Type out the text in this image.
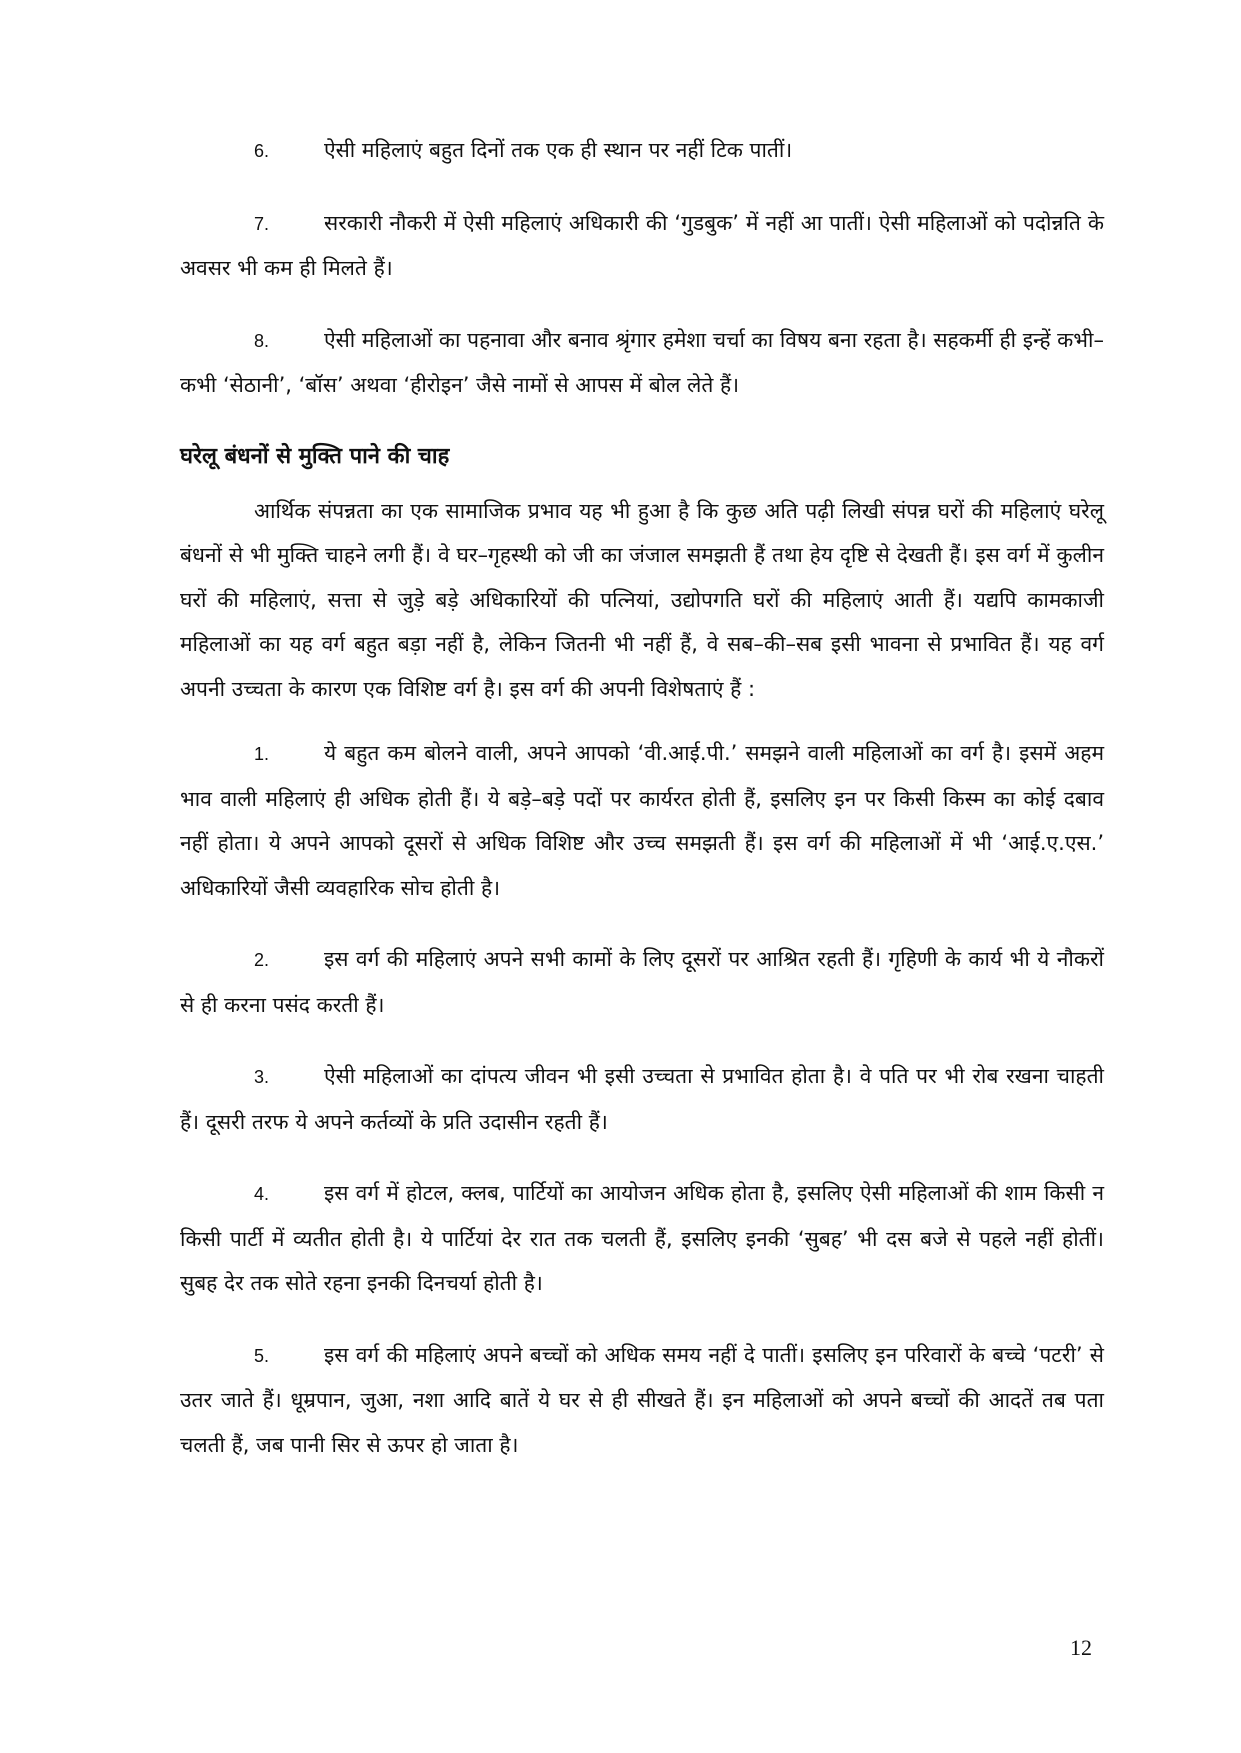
6.	ऐसी महिलाएं बहुत दिनों तक एक ही स्थान पर नहीं टिक पातीं।

7.	सरकारी नौकरी में ऐसी महिलाएं अधिकारी की ‘गुडबुक’ में नहीं आ पातीं। ऐसी महिलाओं को पदोन्नति के अवसर भी कम ही मिलते हैं।

8.	ऐसी महिलाओं का पहनावा और बनाव श्रृंगार हमेशा चर्चा का विषय बना रहता है। सहकर्मी ही इन्हें कभी–कभी ‘सेठानी’, ‘बॉस’ अथवा ‘हीरोइन’ जैसे नामों से आपस में बोल लेते हैं।

घरेलू बंधनों से मुक्ति पाने की चाह

आर्थिक संपन्नता का एक सामाजिक प्रभाव यह भी हुआ है कि कुछ अति पढ़ी लिखी संपन्न घरों की महिलाएं घरेलू बंधनों से भी मुक्ति चाहने लगी हैं। वे घर–गृहस्थी को जी का जंजाल समझती हैं तथा हेय दृष्टि से देखती हैं। इस वर्ग में कुलीन घरों की महिलाएं, सत्ता से जुड़े बड़े अधिकारियों की पत्नियां, उद्योपगति घरों की महिलाएं आती हैं। यद्यपि कामकाजी महिलाओं का यह वर्ग बहुत बड़ा नहीं है, लेकिन जितनी भी नहीं हैं, वे सब–की–सब इसी भावना से प्रभावित हैं। यह वर्ग अपनी उच्चता के कारण एक विशिष्ट वर्ग है। इस वर्ग की अपनी विशेषताएं हैं :

1.	ये बहुत कम बोलने वाली, अपने आपको ‘वी.आई.पी.’ समझने वाली महिलाओं का वर्ग है। इसमें अहम भाव वाली महिलाएं ही अधिक होती हैं। ये बड़े–बड़े पदों पर कार्यरत होती हैं, इसलिए इन पर किसी किस्म का कोई दबाव नहीं होता। ये अपने आपको दूसरों से अधिक विशिष्ट और उच्च समझती हैं। इस वर्ग की महिलाओं में भी ‘आई.ए.एस.’ अधिकारियों जैसी व्यवहारिक सोच होती है।

2.	इस वर्ग की महिलाएं अपने सभी कामों के लिए दूसरों पर आश्रित रहती हैं। गृहिणी के कार्य भी ये नौकरों से ही करना पसंद करती हैं।

3.	ऐसी महिलाओं का दांपत्य जीवन भी इसी उच्चता से प्रभावित होता है। वे पति पर भी रोब रखना चाहती हैं। दूसरी तरफ ये अपने कर्तव्यों के प्रति उदासीन रहती हैं।

4.	इस वर्ग में होटल, क्लब, पार्टियों का आयोजन अधिक होता है, इसलिए ऐसी महिलाओं की शाम किसी न किसी पार्टी में व्यतीत होती है। ये पार्टियां देर रात तक चलती हैं, इसलिए इनकी ‘सुबह’ भी दस बजे से पहले नहीं होतीं। सुबह देर तक सोते रहना इनकी दिनचर्या होती है।

5.	इस वर्ग की महिलाएं अपने बच्चों को अधिक समय नहीं दे पातीं। इसलिए इन परिवारों के बच्चे ‘पटरी’ से उतर जाते हैं। धूम्रपान, जुआ, नशा आदि बातें ये घर से ही सीखते हैं। इन महिलाओं को अपने बच्चों की आदतें तब पता चलती हैं, जब पानी सिर से ऊपर हो जाता है।

12
